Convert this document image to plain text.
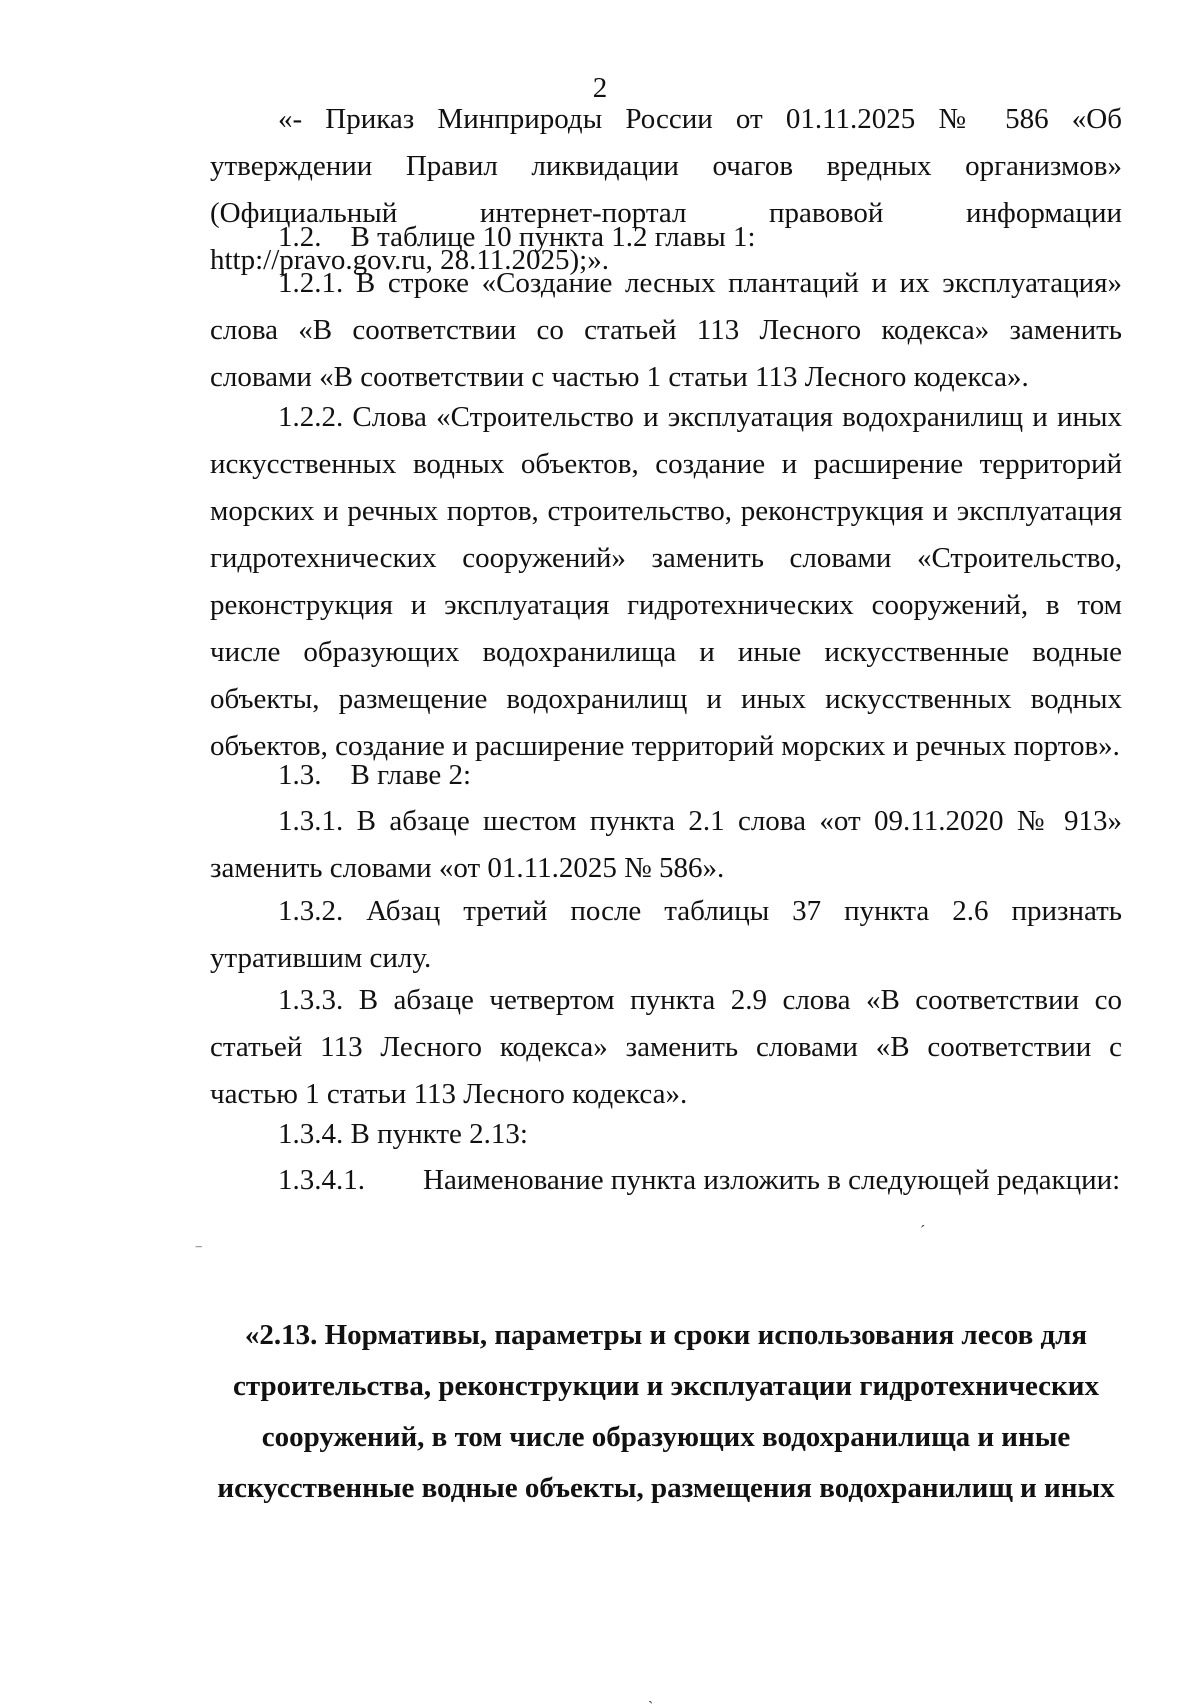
2

«- Приказ Минприроды России от 01.11.2025 № 586 «Об утверждении Правил ликвидации очагов вредных организмов» (Официальный интернет-портал правовой информации http://pravo.gov.ru, 28.11.2025);».

1.2.    В таблице 10 пункта 1.2 главы 1:

1.2.1. В строке «Создание лесных плантаций и их эксплуатация» слова «В соответствии со статьей 113 Лесного кодекса» заменить словами «В соответствии с частью 1 статьи 113 Лесного кодекса».

1.2.2. Слова «Строительство и эксплуатация водохранилищ и иных искусственных водных объектов, создание и расширение территорий морских и речных портов, строительство, реконструкция и эксплуатация гидротехнических сооружений» заменить словами «Строительство, реконструкция и эксплуатация гидротехнических сооружений, в том числе образующих водохранилища и иные искусственные водные объекты, размещение водохранилищ и иных искусственных водных объектов, создание и расширение территорий морских и речных портов».

1.3.    В главе 2:

1.3.1. В абзаце шестом пункта 2.1 слова «от 09.11.2020 № 913» заменить словами «от 01.11.2025 № 586».

1.3.2. Абзац третий после таблицы 37 пункта 2.6 признать утратившим силу.

1.3.3. В абзаце четвертом пункта 2.9 слова «В соответствии со статьей 113 Лесного кодекса» заменить словами «В соответствии с частью 1 статьи 113 Лесного кодекса».

1.3.4. В пункте 2.13:

1.3.4.1.        Наименование пункта изложить в следующей редакции:

«2.13. Нормативы, параметры и сроки использования лесов для строительства, реконструкции и эксплуатации гидротехнических сооружений, в том числе образующих водохранилища и иные искусственные водные объекты, размещения водохранилищ и иных
‾
ˊ
ˏ
